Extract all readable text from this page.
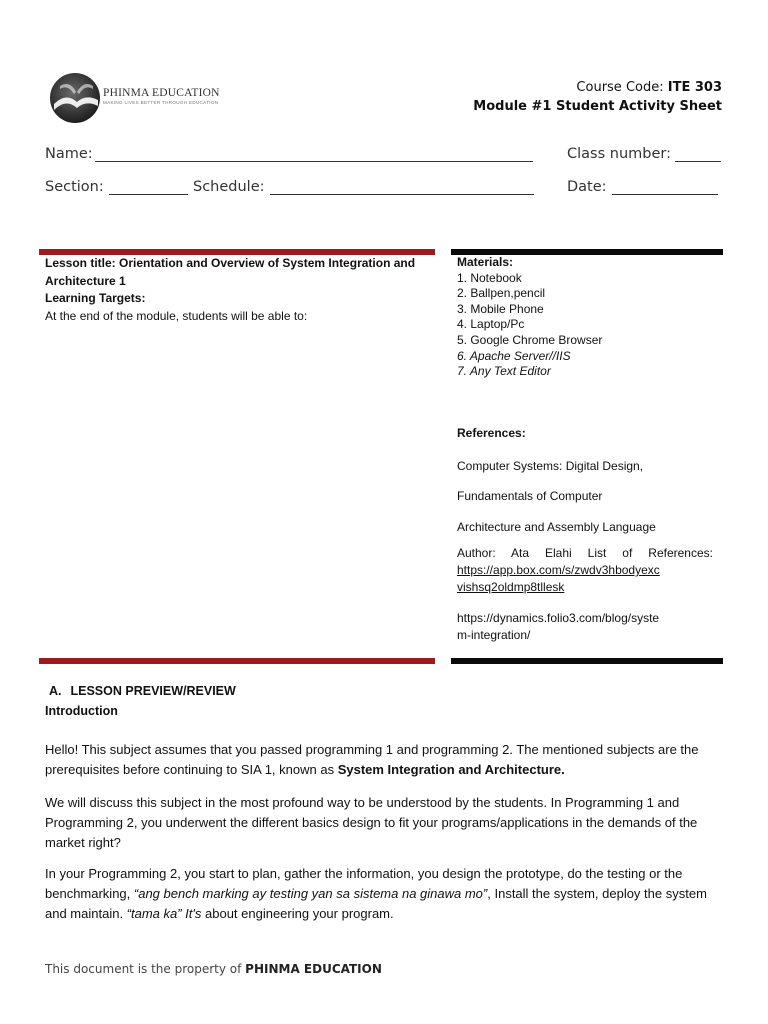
PHINMA EDUCATION
MAKING LIVES BETTER THROUGH EDUCATION
Course Code: ITE 303
Module #1 Student Activity Sheet
Name:	Class number:
Section:	Schedule:	Date:
Lesson title: Orientation and Overview of System Integration and Architecture 1
Learning Targets:
At the end of the module, students will be able to:
Materials:
1. Notebook
2. Ballpen,pencil
3. Mobile Phone
4. Laptop/Pc
5. Google Chrome Browser
6. Apache Server//IIS
7. Any Text Editor
References:
Computer Systems: Digital Design,
Fundamentals of Computer
Architecture and Assembly Language
Author: Ata Elahi List of References:
https://app.box.com/s/zwdv3hbodyexc
vishsq2oldmp8tllesk
https://dynamics.folio3.com/blog/syste
m-integration/
A. LESSON PREVIEW/REVIEW
Introduction
Hello! This subject assumes that you passed programming 1 and programming 2. The mentioned subjects are the prerequisites before continuing to SIA 1, known as System Integration and Architecture.
We will discuss this subject in the most profound way to be understood by the students. In Programming 1 and Programming 2, you underwent the different basics design to fit your programs/applications in the demands of the market right?
In your Programming 2, you start to plan, gather the information, you design the prototype, do the testing or the benchmarking, “ang bench marking ay testing yan sa sistema na ginawa mo”, Install the system, deploy the system and maintain. “tama ka” It's about engineering your program.
This document is the property of PHINMA EDUCATION
